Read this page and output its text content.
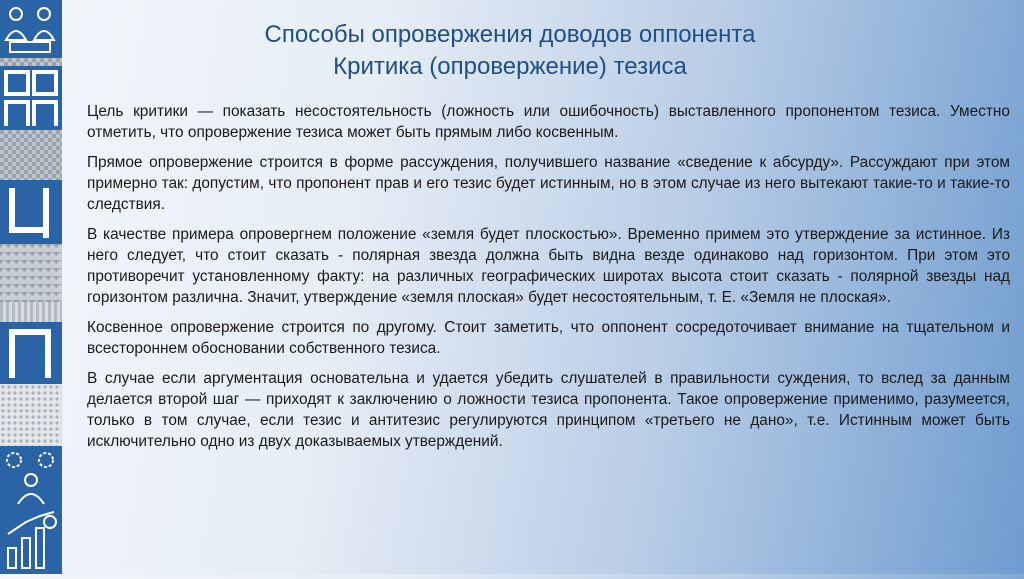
Способы опровержения доводов оппонента
Критика (опровержение) тезиса

Цель критики — показать несостоятельность (ложность или ошибочность) выставленного пропонентом тезиса. Уместно отметить, что опровержение тезиса может быть прямым либо косвенным.

Прямое опровержение строится в форме рассуждения, получившего название «сведение к абсурду». Рассуждают при этом примерно так: допустим, что пропонент прав и его тезис будет истинным, но в этом случае из него вытекают такие-то и такие-то следствия.

В качестве примера опровергнем положение «земля будет плоскостью». Временно примем это утверждение за истинное. Из него следует, что стоит сказать - полярная звезда должна быть видна везде одинаково над горизонтом. При этом это противоречит установленному факту: на различных географических широтах высота стоит сказать - полярной звезды над горизонтом различна. Значит, утверждение «земля плоская» будет несостоятельным, т. Е. «Земля не плоская».

Косвенное опровержение строится по другому. Стоит заметить, что оппонент сосредоточивает внимание на тщательном и всестороннем обосновании собственного тезиса.

В случае если аргументация основательна и удается убедить слушателей в правильности суждения, то вслед за данным делается второй шаг — приходят к заключению о ложности тезиса пропонента. Такое опровержение применимо, разумеется, только в том случае, если тезис и антитезис регулируются принципом «третьего не дано», т.е. Истинным может быть исключительно одно из двух доказываемых утверждений.
